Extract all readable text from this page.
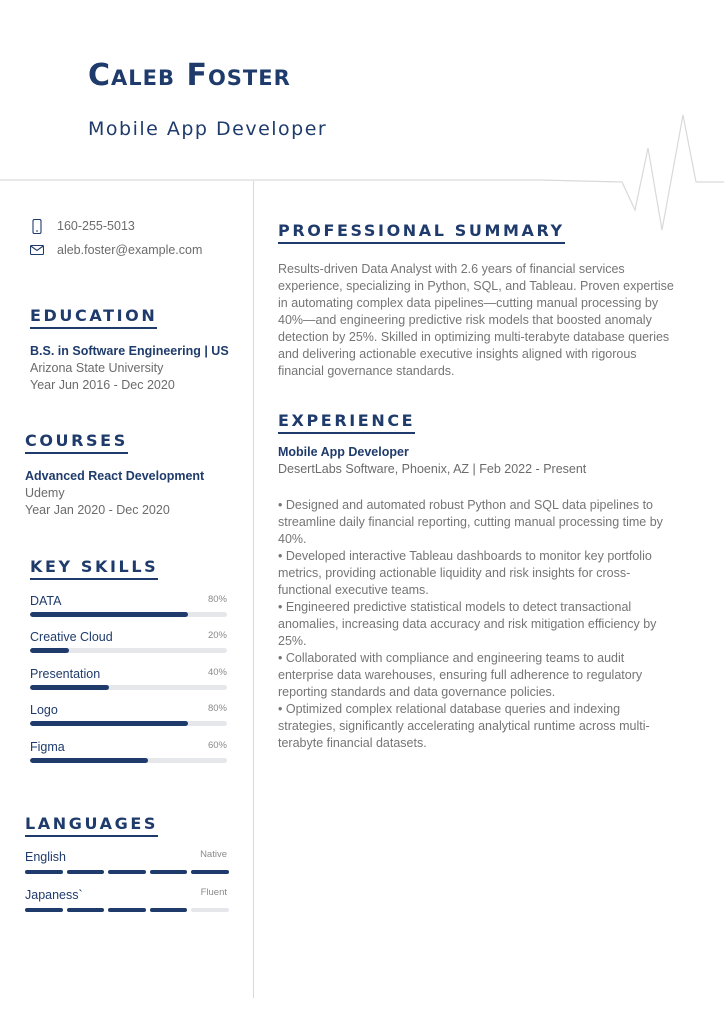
Caleb Foster
Mobile App Developer
160-255-5013
aleb.foster@example.com
EDUCATION
B.S. in Software Engineering | US
Arizona State University
Year Jun 2016 - Dec 2020
COURSES
Advanced React Development
Udemy
Year Jan 2020 - Dec 2020
KEY SKILLS
DATA	80%
Creative Cloud	20%
Presentation	40%
Logo	80%
Figma	60%
LANGUAGES
English	Native
Japaness`	Fluent
PROFESSIONAL SUMMARY
Results-driven Data Analyst with 2.6 years of financial services experience, specializing in Python, SQL, and Tableau. Proven expertise in automating complex data pipelines—cutting manual processing by 40%—and engineering predictive risk models that boosted anomaly detection by 25%. Skilled in optimizing multi-terabyte database queries and delivering actionable executive insights aligned with rigorous financial governance standards.
EXPERIENCE
Mobile App Developer
DesertLabs Software, Phoenix, AZ | Feb 2022 - Present
• Designed and automated robust Python and SQL data pipelines to streamline daily financial reporting, cutting manual processing time by 40%.
• Developed interactive Tableau dashboards to monitor key portfolio metrics, providing actionable liquidity and risk insights for cross-functional executive teams.
• Engineered predictive statistical models to detect transactional anomalies, increasing data accuracy and risk mitigation efficiency by 25%.
• Collaborated with compliance and engineering teams to audit enterprise data warehouses, ensuring full adherence to regulatory reporting standards and data governance policies.
• Optimized complex relational database queries and indexing strategies, significantly accelerating analytical runtime across multi-terabyte financial datasets.
